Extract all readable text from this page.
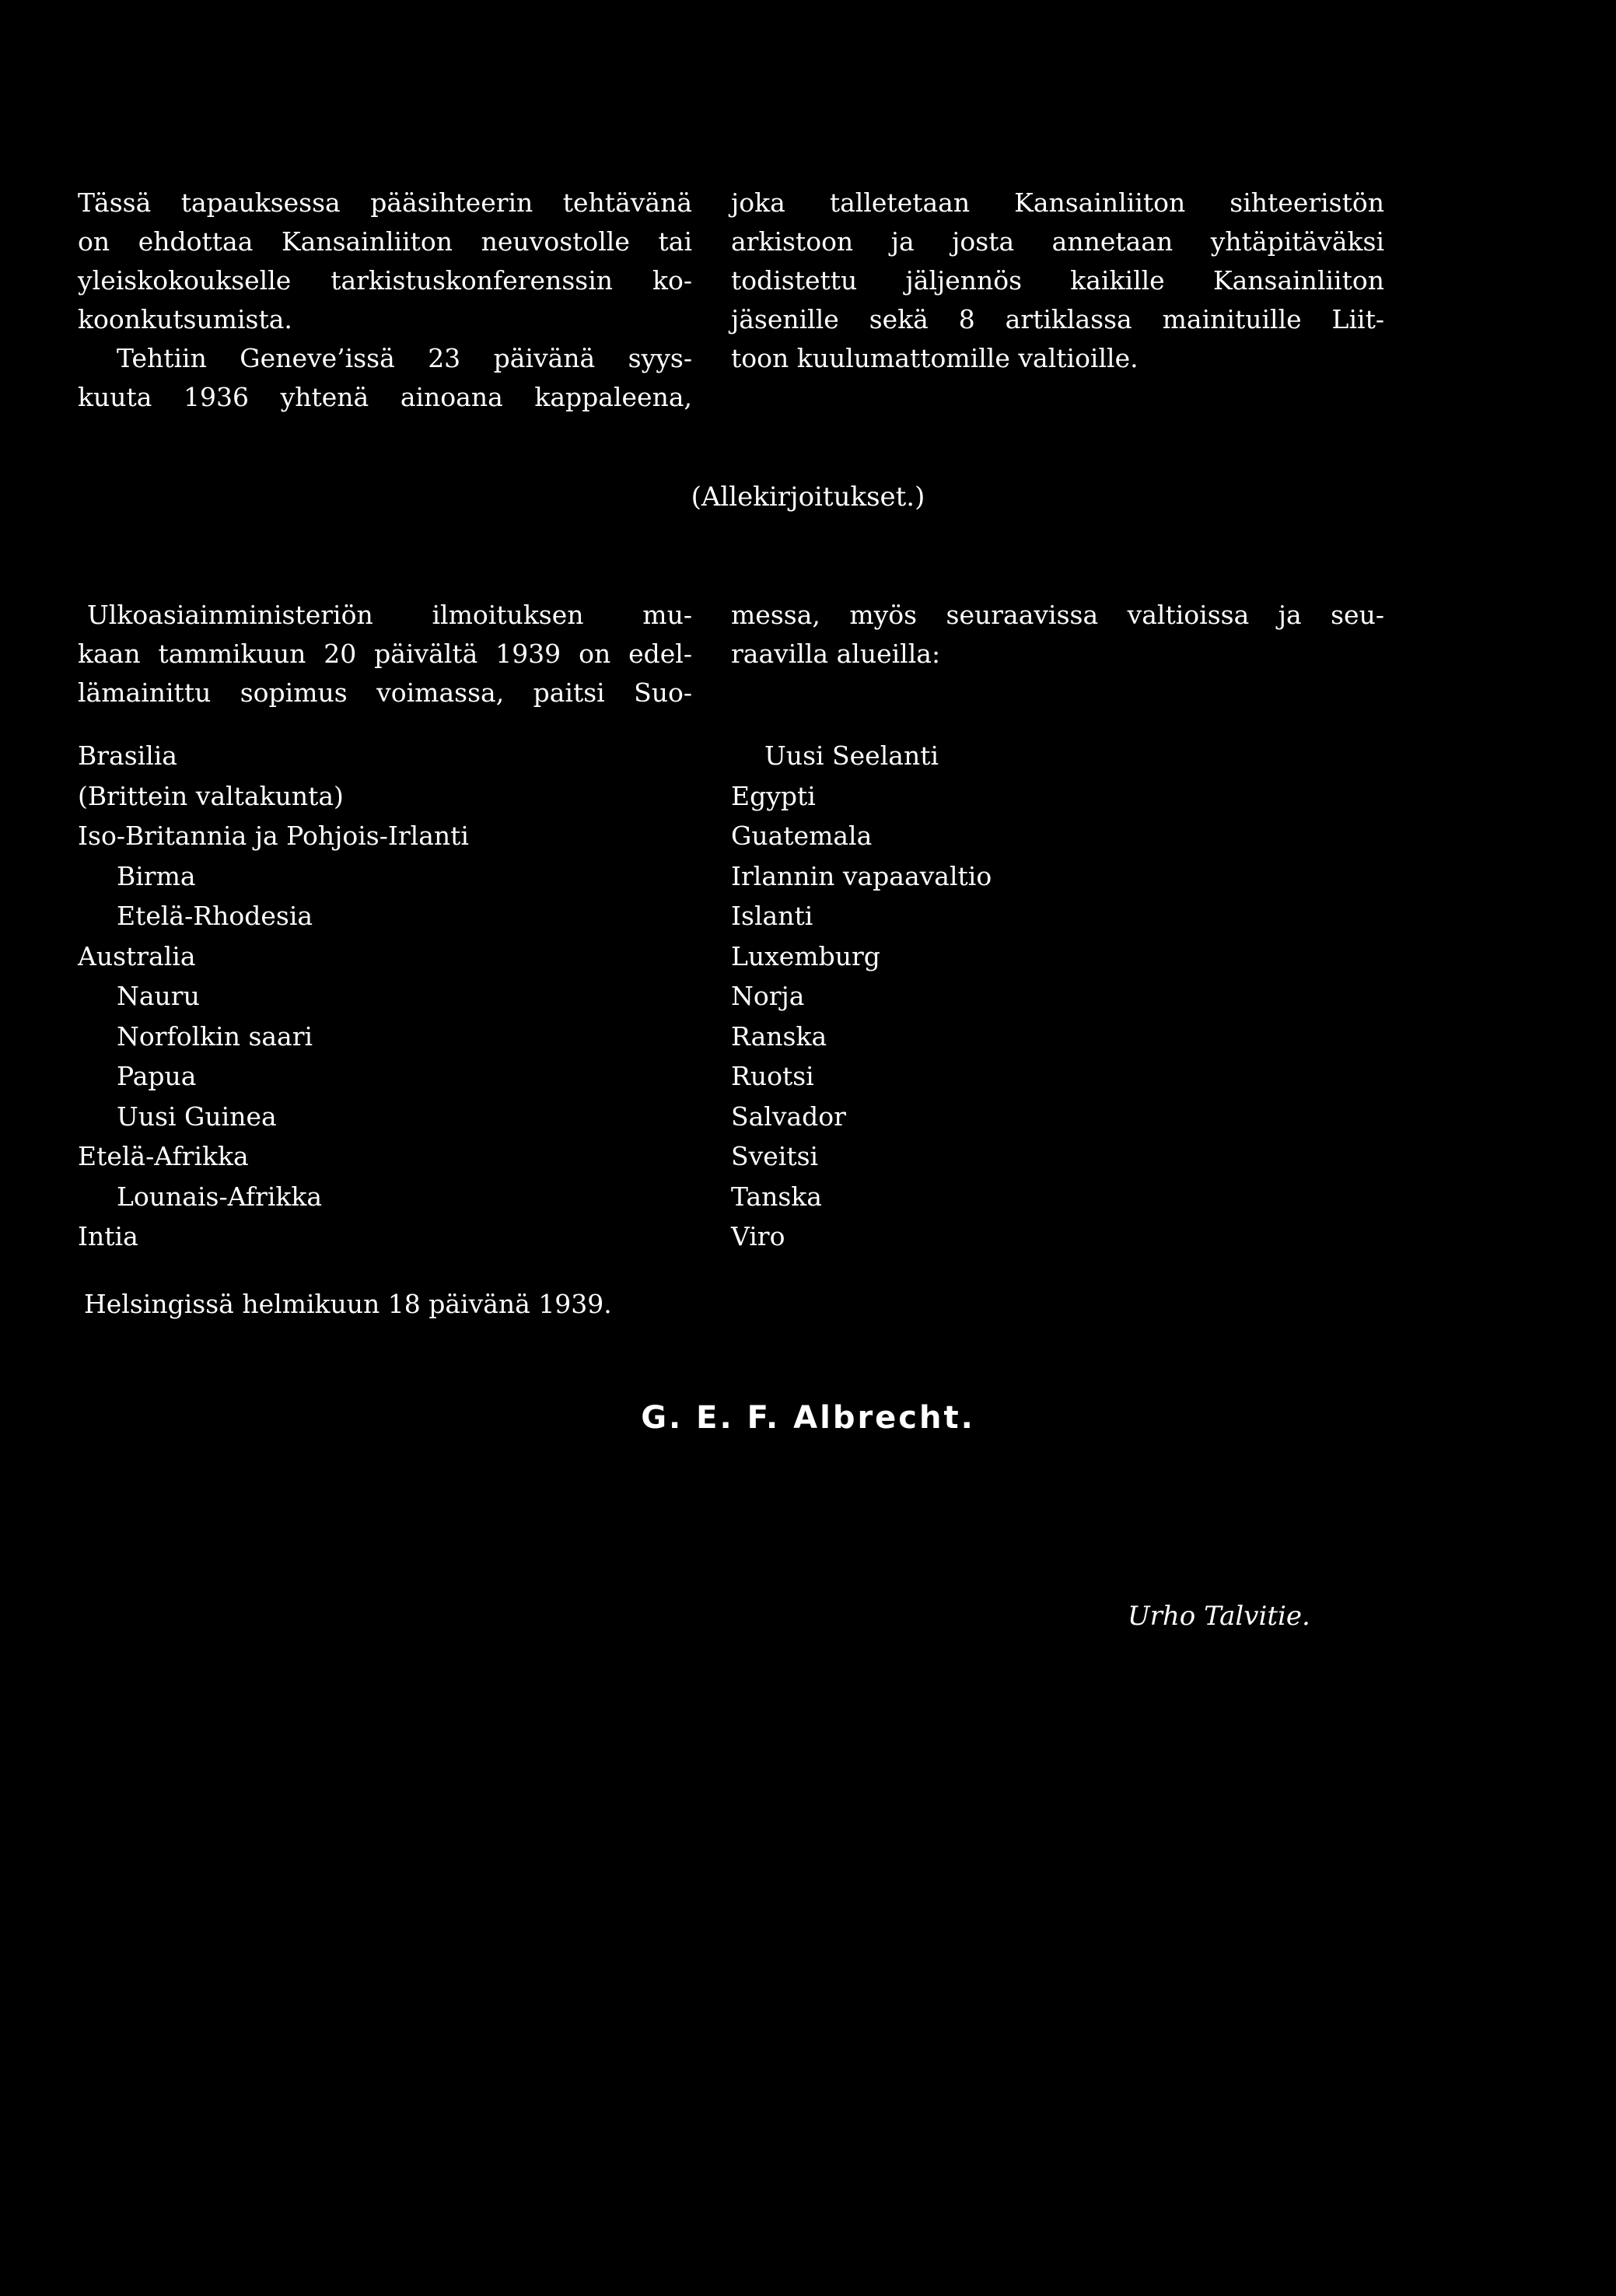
Tässä tapauksessa pääsihteerin tehtävänä
on ehdottaa Kansainliiton neuvostolle tai
yleiskokoukselle tarkistuskonferenssin ko-
koonkutsumista.
Tehtiin Geneve’issä 23 päivänä syys-
kuuta 1936 yhtenä ainoana kappaleena,
joka talletetaan Kansainliiton sihteeristön
arkistoon ja josta annetaan yhtäpitäväksi
todistettu jäljennös kaikille Kansainliiton
jäsenille sekä 8 artiklassa mainituille Liit-
toon kuulumattomille valtioille.
(Allekirjoitukset.)
Ulkoasiainministeriön ilmoituksen mu-
kaan tammikuun 20 päivältä 1939 on edel-
lämainittu sopimus voimassa, paitsi Suo-
messa, myös seuraavissa valtioissa ja seu-
raavilla alueilla:
Brasilia
(Brittein valtakunta)
Iso-Britannia ja Pohjois-Irlanti
Birma
Etelä-Rhodesia
Australia
Nauru
Norfolkin saari
Papua
Uusi Guinea
Etelä-Afrikka
Lounais-Afrikka
Intia
Uusi Seelanti
Egypti
Guatemala
Irlannin vapaavaltio
Islanti
Luxemburg
Norja
Ranska
Ruotsi
Salvador
Sveitsi
Tanska
Viro
Helsingissä helmikuun 18 päivänä 1939.
G. E. F. Albrecht.
Urho Talvitie.
